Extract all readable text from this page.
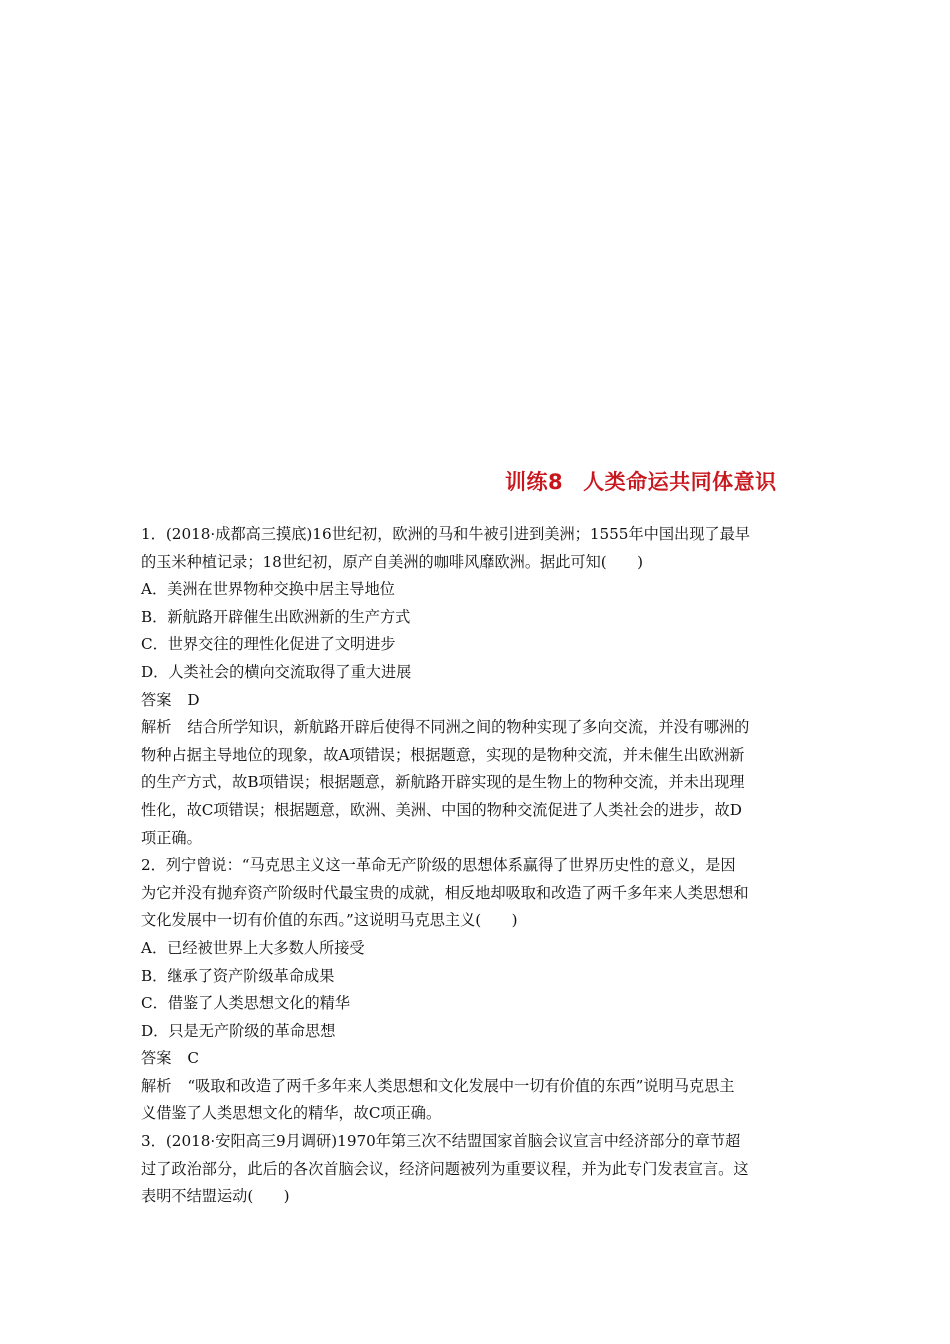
训练8 人类命运共同体意识
1．(2018·成都高三摸底)16世纪初，欧洲的马和牛被引进到美洲；1555年中国出现了最早
的玉米种植记录；18世纪初，原产自美洲的咖啡风靡欧洲。据此可知(　　)
A．美洲在世界物种交换中居主导地位
B．新航路开辟催生出欧洲新的生产方式
C．世界交往的理性化促进了文明进步
D．人类社会的横向交流取得了重大进展
答案 D
解析 结合所学知识，新航路开辟后使得不同洲之间的物种实现了多向交流，并没有哪洲的
物种占据主导地位的现象，故A项错误；根据题意，实现的是物种交流，并未催生出欧洲新
的生产方式，故B项错误；根据题意，新航路开辟实现的是生物上的物种交流，并未出现理
性化，故C项错误；根据题意，欧洲、美洲、中国的物种交流促进了人类社会的进步，故D
项正确。
2．列宁曾说：“马克思主义这一革命无产阶级的思想体系赢得了世界历史性的意义，是因
为它并没有抛弃资产阶级时代最宝贵的成就，相反地却吸取和改造了两千多年来人类思想和
文化发展中一切有价值的东西。”这说明马克思主义(　　)
A．已经被世界上大多数人所接受
B．继承了资产阶级革命成果
C．借鉴了人类思想文化的精华
D．只是无产阶级的革命思想
答案 C
解析 “吸取和改造了两千多年来人类思想和文化发展中一切有价值的东西”说明马克思主
义借鉴了人类思想文化的精华，故C项正确。
3．(2018·安阳高三9月调研)1970年第三次不结盟国家首脑会议宣言中经济部分的章节超
过了政治部分，此后的各次首脑会议，经济问题被列为重要议程，并为此专门发表宣言。这
表明不结盟运动(　　)
